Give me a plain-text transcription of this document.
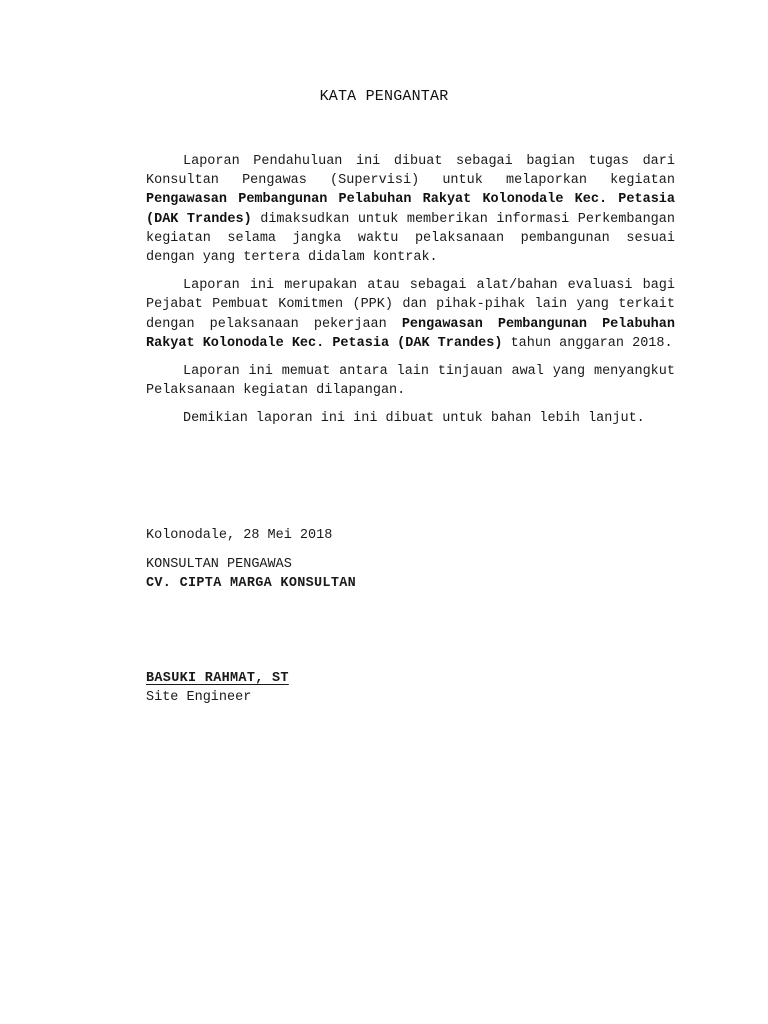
KATA PENGANTAR

Laporan Pendahuluan ini dibuat sebagai bagian tugas dari Konsultan Pengawas (Supervisi) untuk melaporkan kegiatan Pengawasan Pembangunan Pelabuhan Rakyat Kolonodale Kec. Petasia (DAK Trandes) dimaksudkan untuk memberikan informasi Perkembangan kegiatan selama jangka waktu pelaksanaan pembangunan sesuai dengan yang tertera didalam kontrak.

Laporan ini merupakan atau sebagai alat/bahan evaluasi bagi Pejabat Pembuat Komitmen (PPK) dan pihak-pihak lain yang terkait dengan pelaksanaan pekerjaan Pengawasan Pembangunan Pelabuhan Rakyat Kolonodale Kec. Petasia (DAK Trandes) tahun anggaran 2018.

Laporan ini memuat antara lain tinjauan awal yang menyangkut Pelaksanaan kegiatan dilapangan.

Demikian laporan ini ini dibuat untuk bahan lebih lanjut.

Kolonodale, 28 Mei 2018
KONSULTAN PENGAWAS
CV. CIPTA MARGA KONSULTAN
BASUKI RAHMAT, ST
Site Engineer
